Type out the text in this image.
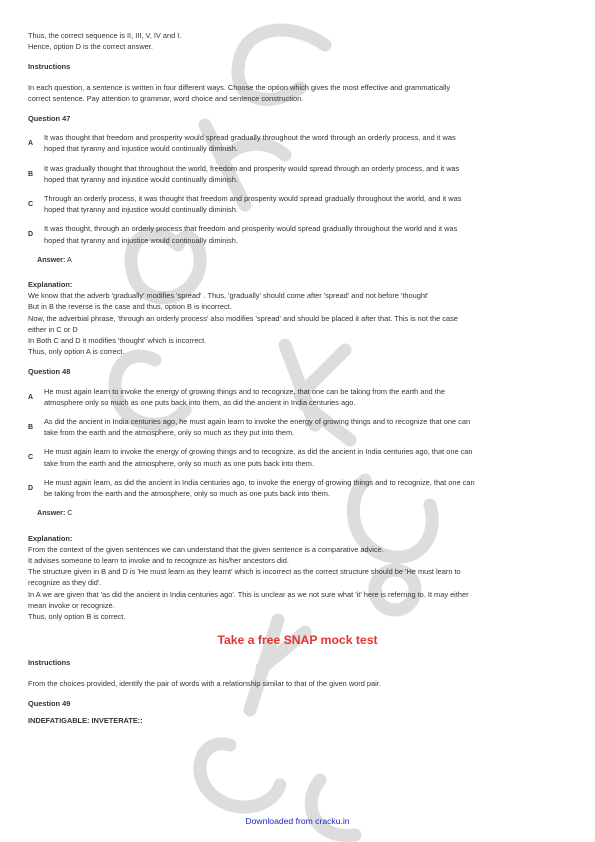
Thus, the correct sequence is II, III, V, IV and I.
Hence, option D is the correct answer.
Instructions
In each question, a sentence is written in four different ways. Choose the option which gives the most effective and grammatically
correct sentence. Pay attention to grammar, word choice and sentence construction.
Question 47
A
It was thought that freedom and prosperity would spread gradually throughout the word through an orderly process, and it was
hoped that tyranny and injustice would continually diminish.
B
It was gradually thought that throughout the world, freedom and prosperity would spread through an orderly process, and it was
hoped that tyranny and injustice would continually diminish.
C
Through an orderly process, it was thought that freedom and prosperity would spread gradually throughout the world, and it was
hoped that tyranny and injustice would continually diminish.
D
It was thought, through an orderly process that freedom and prosperity would spread gradually throughout the world and it was
hoped that tyranny and injustice would continually diminish.
Answer: A
Explanation:
We know that the adverb 'gradually' modifies 'spread' . Thus, 'gradually' should come after 'spread' and not before 'thought'
But in B the reverse is the case and thus, option B is incorrect.
Now, the adverbial phrase, 'through an orderly process' also modifies 'spread' and should be placed it after that. This is not the case
either in C or D
In Both C and D it modifies 'thought' which is incorrect.
Thus, only option A is correct.
Question 48
A
He must again learn to invoke the energy of growing things and to recognize, that one can be taking from the earth and the
atmosphere only so much as one puts back into them, as did the ancient in India centuries ago.
B
As did the ancient in India centuries ago, he must again learn to invoke the energy of growing things and to recognize that one can
take from the earth and the atmosphere, only so much as they put into them.
C
He must again learn to invoke the energy of growing things and to recognize, as did the ancient in India centuries ago, that one can
take from the earth and the atmosphere, only so much as one puts back into them.
D
He must again learn, as did the ancient in India centuries ago, to invoke the energy of growing things and to recognize, that one can
be taking from the earth and the atmosphere, only so much as one puts back into them.
Answer: C
Explanation:
From the context of the given sentences we can understand that the given sentence is a comparative advice.
It advises someone to learn to invoke and to recognize as his/her ancestors did.
The structure given in B and D is 'He must learn as they learnt' which is incorrect as the correct structure should be 'He must learn to
recognize as they did'.
In A we are given that 'as did the ancient in India centuries ago'. This is unclear as we not sure what 'it' here is referring to. It may either
mean invoke or recognize.
Thus, only option B is correct.
Take a free SNAP mock test
Instructions
From the choices provided, identify the pair of words with a relationship similar to that of the given word pair.
Question 49
INDEFATIGABLE: INVETERATE::
Downloaded from cracku.in
